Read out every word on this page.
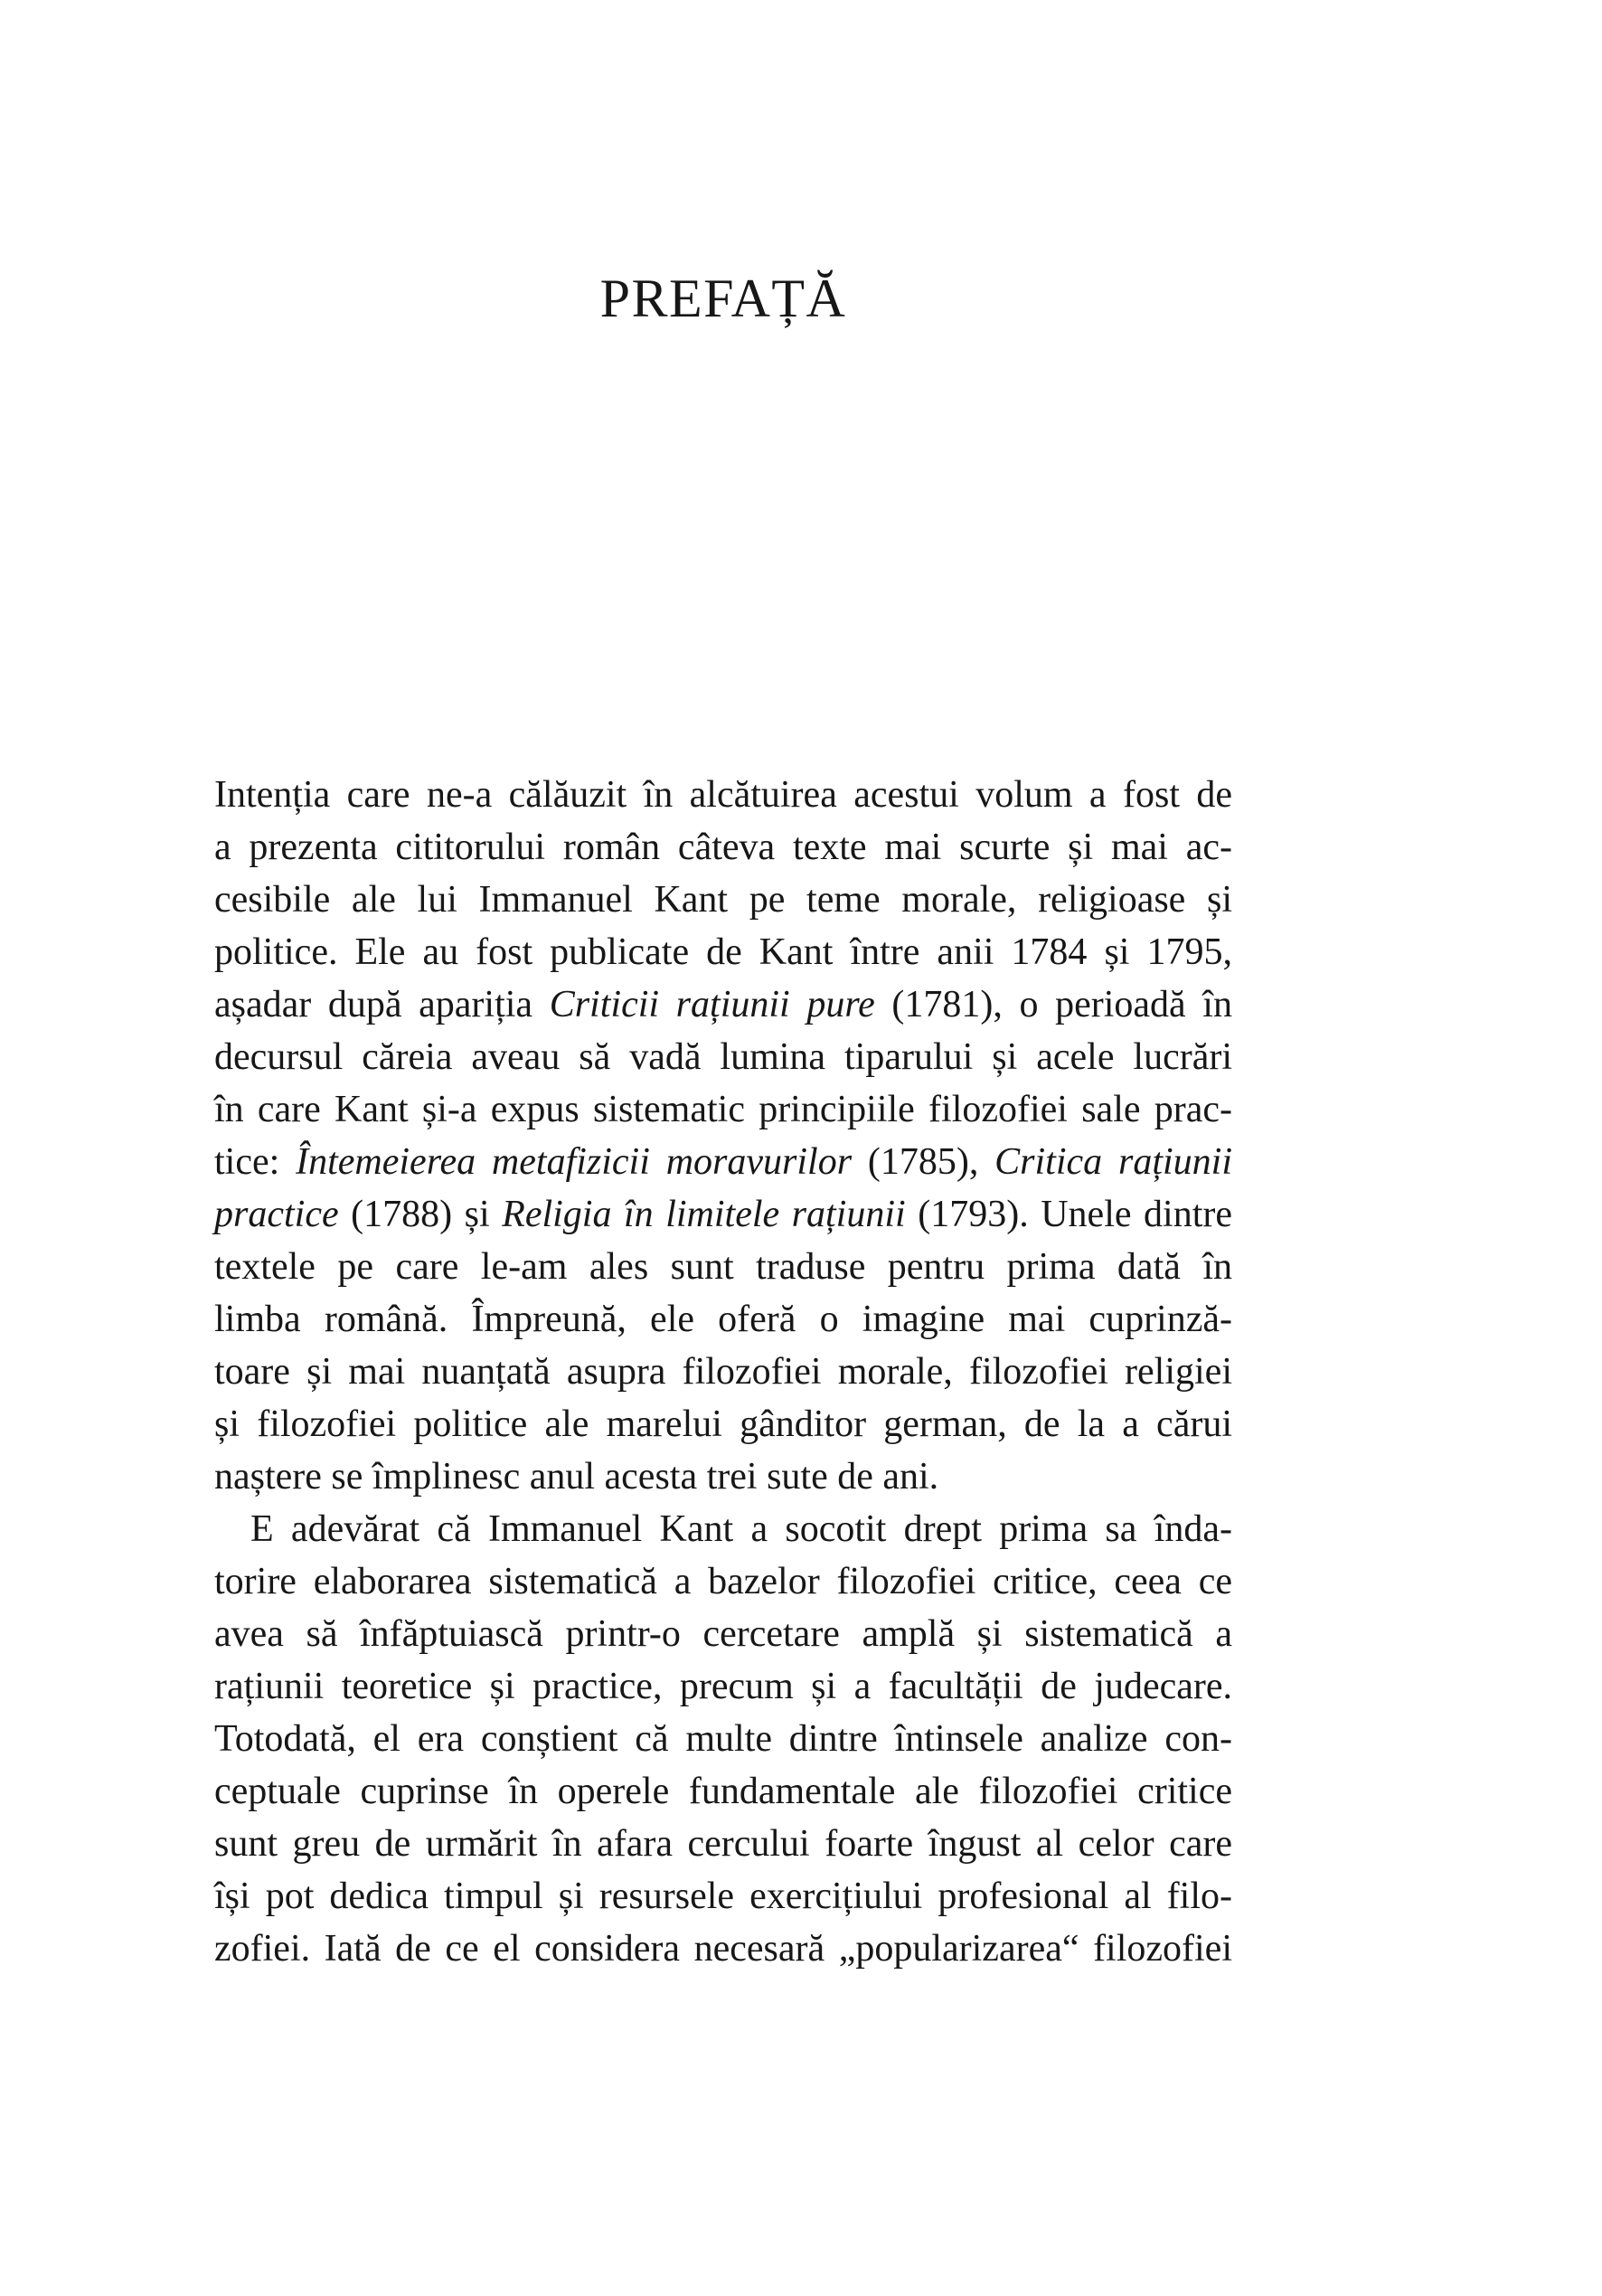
PREFAȚĂ
Intenția care ne-a călăuzit în alcătuirea acestui volum a fost de
a prezenta cititorului român câteva texte mai scurte și mai ac-
cesibile ale lui Immanuel Kant pe teme morale, religioase și
politice. Ele au fost publicate de Kant între anii 1784 și 1795,
așadar după apariția Criticii rațiunii pure (1781), o perioadă în
decursul căreia aveau să vadă lumina tiparului și acele lucrări
în care Kant și-a expus sistematic principiile filozofiei sale prac-
tice: Întemeierea metafizicii moravurilor (1785), Critica rațiunii
practice (1788) și Religia în limitele rațiunii (1793). Unele dintre
textele pe care le-am ales sunt traduse pentru prima dată în
limba română. Împreună, ele oferă o imagine mai cuprinză-
toare și mai nuanțată asupra filozofiei morale, filozofiei religiei
și filozofiei politice ale marelui gânditor german, de la a cărui
naștere se împlinesc anul acesta trei sute de ani.
E adevărat că Immanuel Kant a socotit drept prima sa înda-
torire elaborarea sistematică a bazelor filozofiei critice, ceea ce
avea să înfăptuiască printr-o cercetare amplă și sistematică a
rațiunii teoretice și practice, precum și a facultății de judecare.
Totodată, el era conștient că multe dintre întinsele analize con-
ceptuale cuprinse în operele fundamentale ale filozofiei critice
sunt greu de urmărit în afara cercului foarte îngust al celor care
își pot dedica timpul și resursele exercițiului profesional al filo-
zofiei. Iată de ce el considera necesară „popularizarea“ filozofiei
